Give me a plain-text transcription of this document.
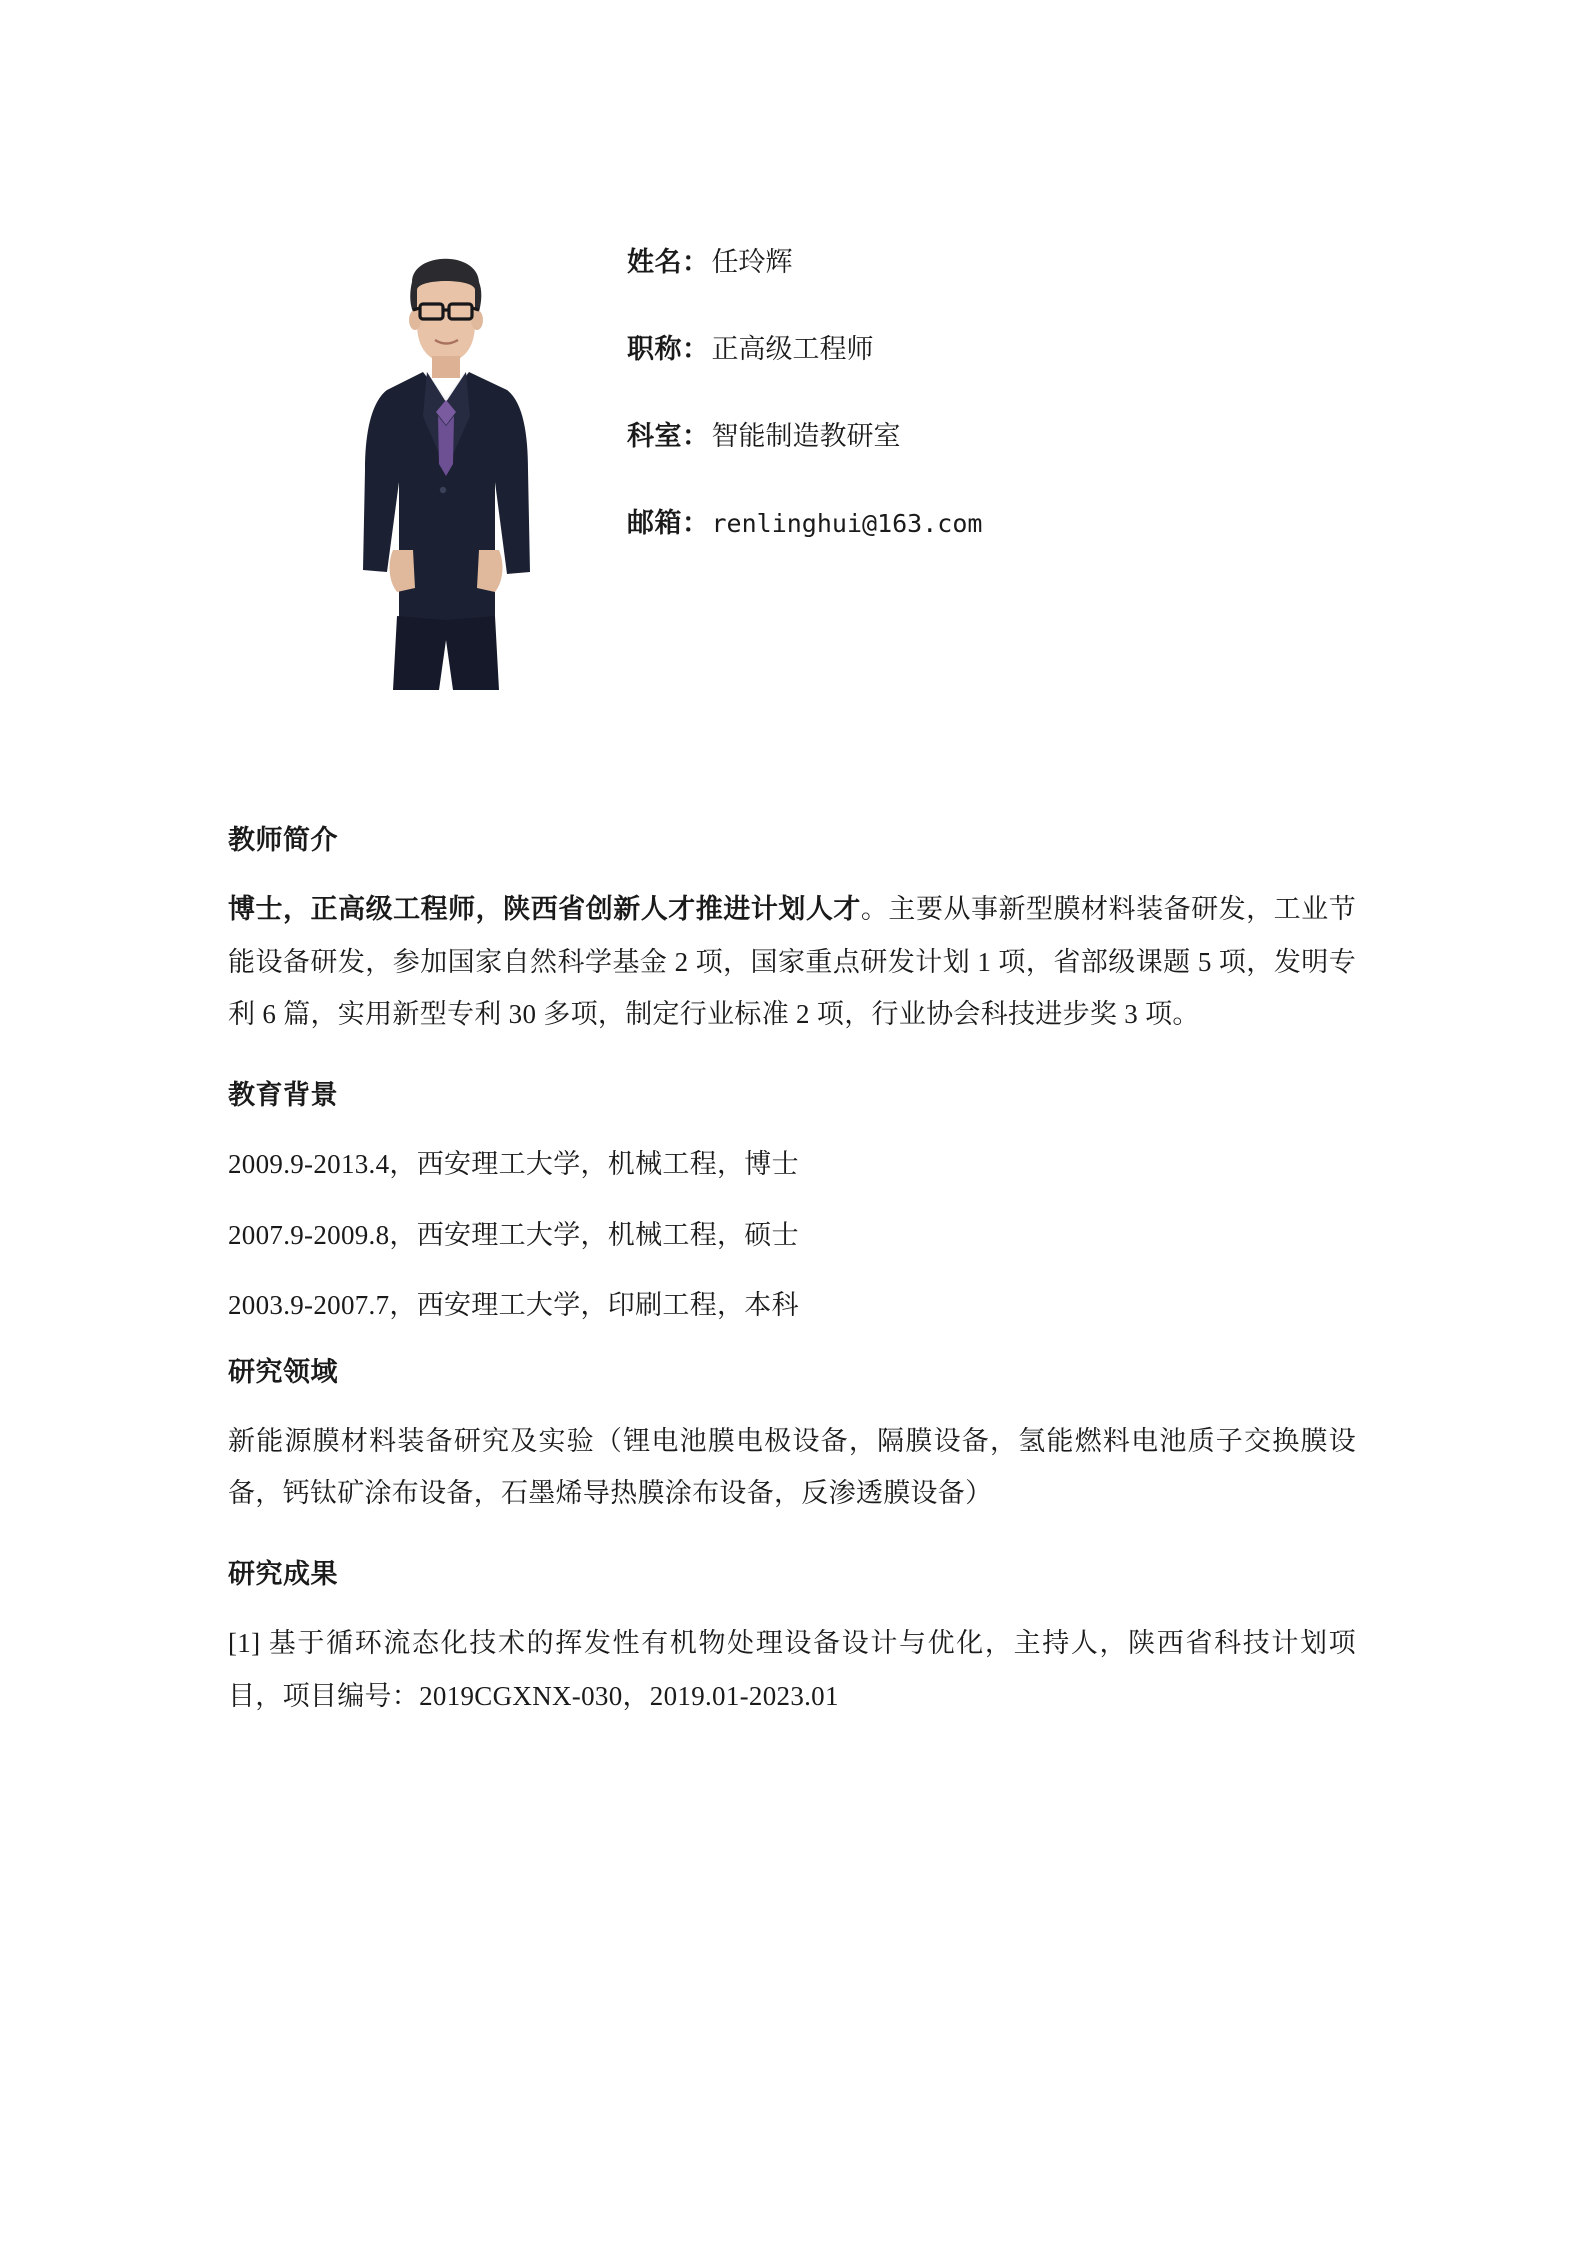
姓名： 任玲辉
职称： 正高级工程师
科室： 智能制造教研室
邮箱： renlinghui@163.com
教师简介

博士，正高级工程师，陕西省创新人才推进计划人才。主要从事新型膜材料装备研发，工业节能设备研发，参加国家自然科学基金 2 项，国家重点研发计划 1 项，省部级课题 5 项，发明专利 6 篇，实用新型专利 30 多项，制定行业标准 2 项，行业协会科技进步奖 3 项。

教育背景

2009.9-2013.4，西安理工大学，机械工程，博士

2007.9-2009.8，西安理工大学，机械工程，硕士

2003.9-2007.7，西安理工大学，印刷工程，本科

研究领域

新能源膜材料装备研究及实验（锂电池膜电极设备，隔膜设备，氢能燃料电池质子交换膜设备，钙钛矿涂布设备，石墨烯导热膜涂布设备，反渗透膜设备）

研究成果

[1] 基于循环流态化技术的挥发性有机物处理设备设计与优化，主持人，陕西省科技计划项目，项目编号：2019CGXNX-030，2019.01-2023.01
